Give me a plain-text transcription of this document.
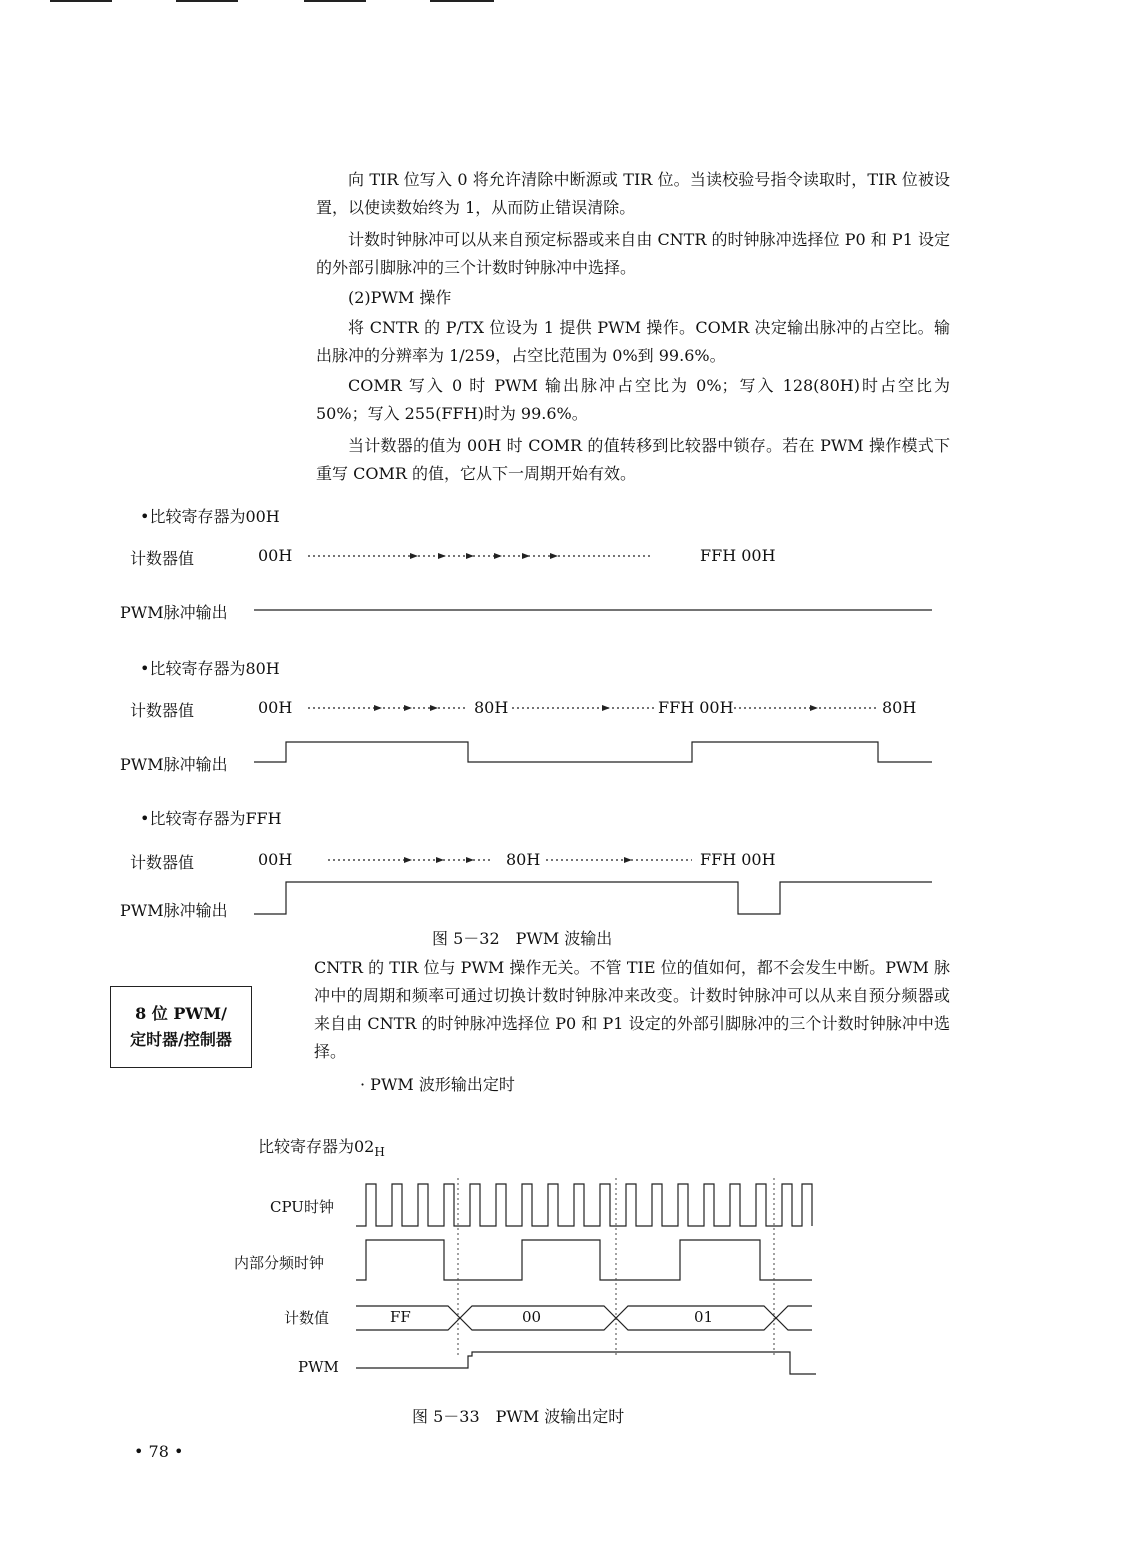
向 TIR 位写入 0 将允许清除中断源或 TIR 位。当读校验号指令读取时，TIR 位被设置，以使读数始终为 1，从而防止错误清除。
计数时钟脉冲可以从来自预定标器或来自由 CNTR 的时钟脉冲选择位 P0 和 P1 设定的外部引脚脉冲的三个计数时钟脉冲中选择。
(2)PWM 操作
将 CNTR 的 P/TX 位设为 1 提供 PWM 操作。COMR 决定输出脉冲的占空比。输出脉冲的分辨率为 1/259，占空比范围为 0%到 99.6%。
COMR 写入 0 时 PWM 输出脉冲占空比为 0%；写入 128(80H)时占空比为 50%；写入 255(FFH)时为 99.6%。
当计数器的值为 00H 时 COMR 的值转移到比较器中锁存。若在 PWM 操作模式下重写 COMR 的值，它从下一周期开始有效。
•比较寄存器为00H
计数器值	00H	FFH 00H
PWM脉冲输出
•比较寄存器为80H
计数器值	00H	80H	FFH 00H	80H
PWM脉冲输出
•比较寄存器为FFH
计数器值	00H	80H	FFH 00H
PWM脉冲输出
图 5－32　PWM 波输出
8 位 PWM/
定时器/控制器
CNTR 的 TIR 位与 PWM 操作无关。不管 TIE 位的值如何，都不会发生中断。PWM 脉冲中的周期和频率可通过切换计数时钟脉冲来改变。计数时钟脉冲可以从来自预分频器或来自由 CNTR 的时钟脉冲选择位 P0 和 P1 设定的外部引脚脉冲的三个计数时钟脉冲中选择。
· PWM 波形输出定时
比较寄存器为$02_H$
CPU时钟
内部分频时钟
计数值
PWM
FF	00	01
图 5－33　PWM 波输出定时
• 78 •
